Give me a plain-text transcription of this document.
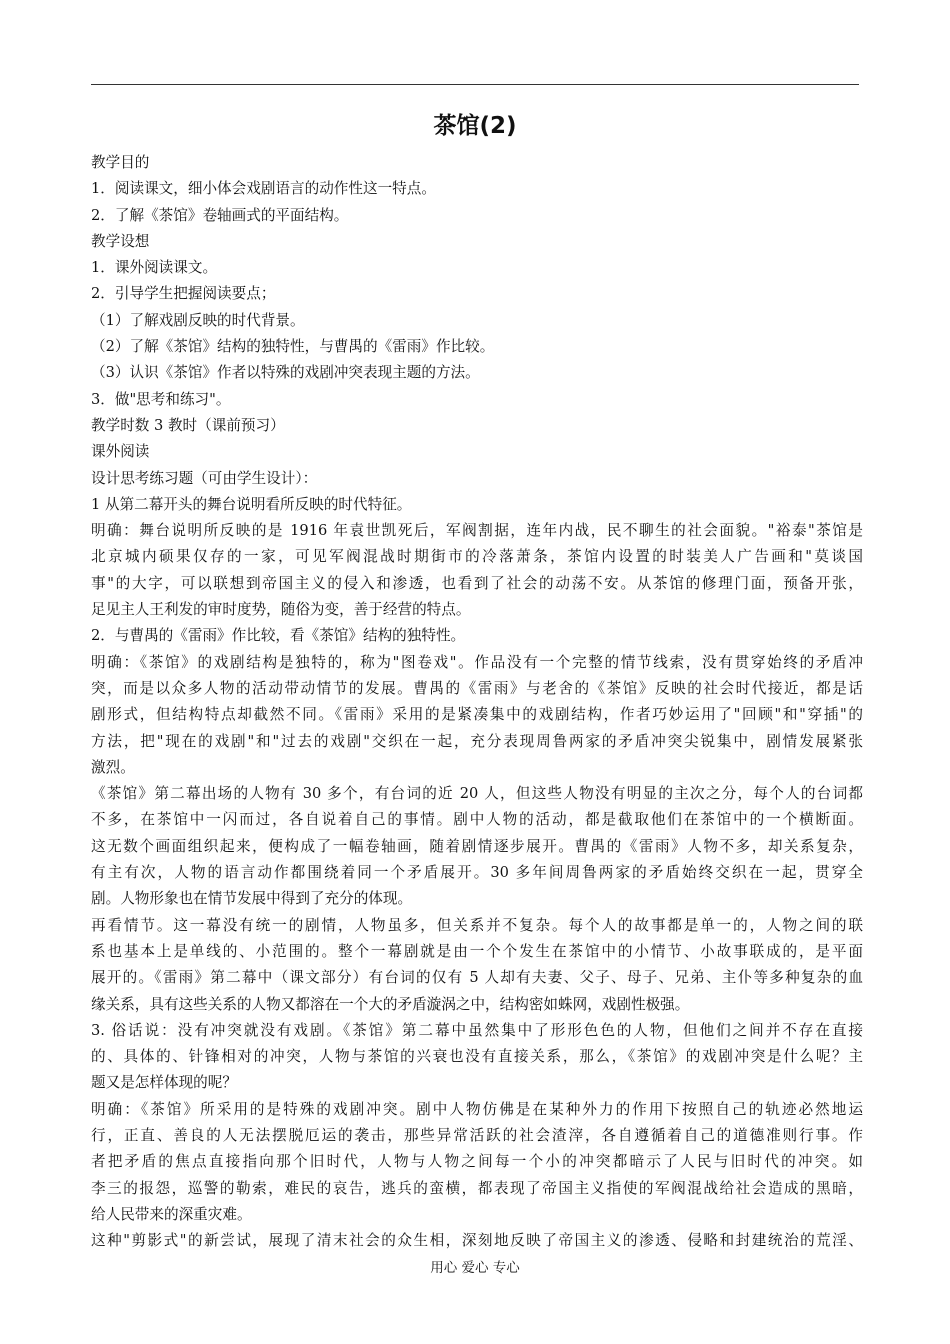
茶馆(2)
教学目的
1．阅读课文，细小体会戏剧语言的动作性这一特点。
2．了解《茶馆》卷轴画式的平面结构。
教学设想
1．课外阅读课文。
2．引导学生把握阅读要点；
（1）了解戏剧反映的时代背景。
（2）了解《茶馆》结构的独特性，与曹禺的《雷雨》作比较。
（3）认识《茶馆》作者以特殊的戏剧冲突表现主题的方法。
3．做"思考和练习"。
教学时数 3 教时（课前预习）
课外阅读
设计思考练习题（可由学生设计）：
1 从第二幕开头的舞台说明看所反映的时代特征。
明确：舞台说明所反映的是 1916 年袁世凯死后，军阀割据，连年内战，民不聊生的社会面貌。"裕泰"茶馆是
北京城内硕果仅存的一家，可见军阀混战时期街市的冷落萧条，茶馆内设置的时装美人广告画和"莫谈国
事"的大字，可以联想到帝国主义的侵入和渗透，也看到了社会的动荡不安。从茶馆的修理门面，预备开张，
足见主人王利发的审时度势，随俗为变，善于经营的特点。
2．与曹禺的《雷雨》作比较，看《茶馆》结构的独特性。
明确：《茶馆》的戏剧结构是独特的，称为"图卷戏"。作品没有一个完整的情节线索，没有贯穿始终的矛盾冲
突，而是以众多人物的活动带动情节的发展。曹禺的《雷雨》与老舍的《茶馆》反映的社会时代接近，都是话
剧形式，但结构特点却截然不同。《雷雨》采用的是紧凑集中的戏剧结构，作者巧妙运用了"回顾"和"穿插"的
方法，把"现在的戏剧"和"过去的戏剧"交织在一起，充分表现周鲁两家的矛盾冲突尖锐集中，剧情发展紧张
激烈。
《茶馆》第二幕出场的人物有 30 多个，有台词的近 20 人，但这些人物没有明显的主次之分，每个人的台词都
不多，在茶馆中一闪而过，各自说着自己的事情。剧中人物的活动，都是截取他们在茶馆中的一个横断面。
这无数个画面组织起来，便构成了一幅卷轴画，随着剧情逐步展开。曹禺的《雷雨》人物不多，却关系复杂，
有主有次，人物的语言动作都围绕着同一个矛盾展开。30 多年间周鲁两家的矛盾始终交织在一起，贯穿全
剧。人物形象也在情节发展中得到了充分的体现。
再看情节。这一幕没有统一的剧情，人物虽多，但关系并不复杂。每个人的故事都是单一的，人物之间的联
系也基本上是单线的、小范围的。整个一幕剧就是由一个个发生在茶馆中的小情节、小故事联成的，是平面
展开的。《雷雨》第二幕中（课文部分）有台词的仅有 5 人却有夫妻、父子、母子、兄弟、主仆等多种复杂的血
缘关系，具有这些关系的人物又都溶在一个大的矛盾漩涡之中，结构密如蛛网，戏剧性极强。
3. 俗话说：没有冲突就没有戏剧。《茶馆》第二幕中虽然集中了形形色色的人物，但他们之间并不存在直接
的、具体的、针锋相对的冲突，人物与茶馆的兴衰也没有直接关系，那么，《茶馆》的戏剧冲突是什么呢？主
题又是怎样体现的呢？
明确：《茶馆》所采用的是特殊的戏剧冲突。剧中人物仿佛是在某种外力的作用下按照自己的轨迹必然地运
行，正直、善良的人无法摆脱厄运的袭击，那些异常活跃的社会渣滓，各自遵循着自己的道德准则行事。作
者把矛盾的焦点直接指向那个旧时代，人物与人物之间每一个小的冲突都暗示了人民与旧时代的冲突。如
李三的报怨，巡警的勒索，难民的哀告，逃兵的蛮横，都表现了帝国主义指使的军阀混战给社会造成的黑暗，
给人民带来的深重灾难。
这种"剪影式"的新尝试，展现了清末社会的众生相，深刻地反映了帝国主义的渗透、侵略和封建统治的荒淫、
用心 爱心 专心
